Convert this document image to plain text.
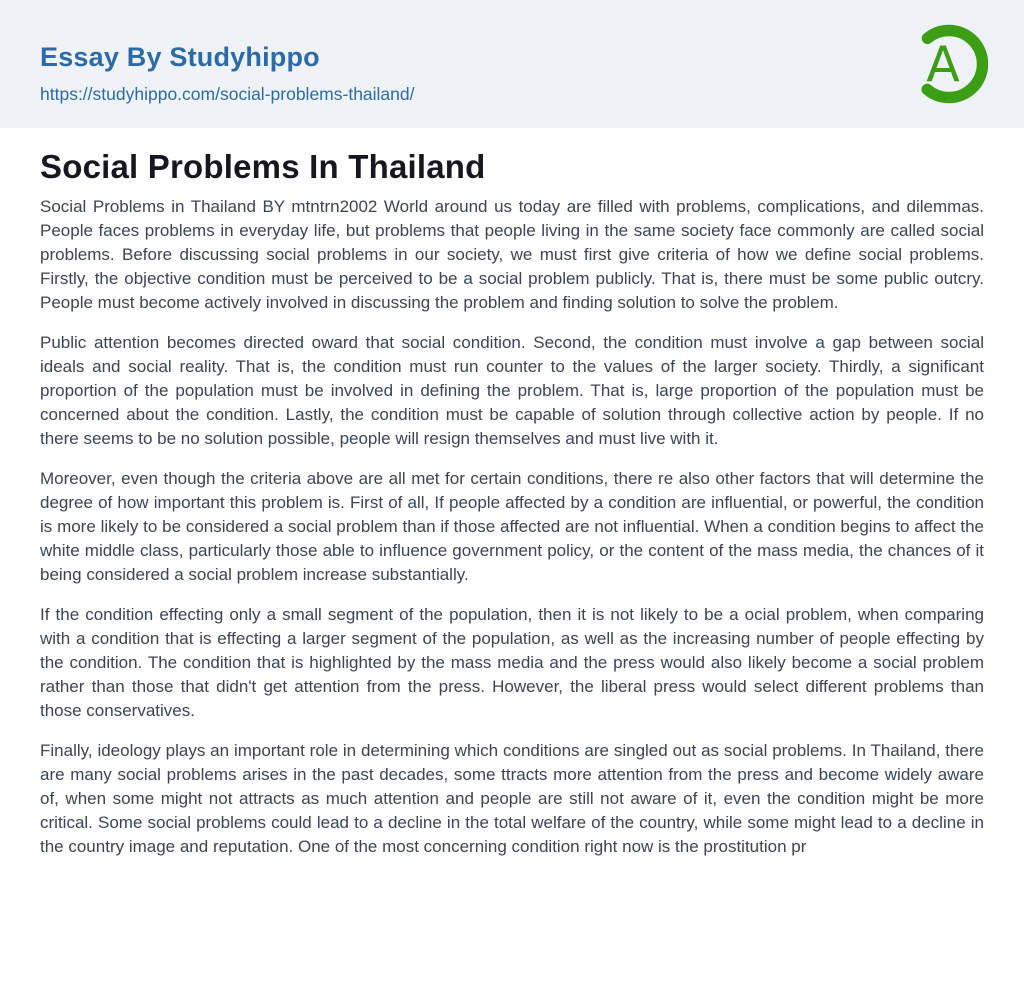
Essay By Studyhippo
https://studyhippo.com/social-problems-thailand/
A
Social Problems In Thailand

Social Problems in Thailand BY mtntrn2002 World around us today are filled with problems, complications, and dilemmas. People faces problems in everyday life, but problems that people living in the same society face commonly are called social problems. Before discussing social problems in our society, we must first give criteria of how we define social problems. Firstly, the objective condition must be perceived to be a social problem publicly. That is, there must be some public outcry. People must become actively involved in discussing the problem and finding solution to solve the problem.

Public attention becomes directed oward that social condition. Second, the condition must involve a gap between social ideals and social reality. That is, the condition must run counter to the values of the larger society. Thirdly, a significant proportion of the population must be involved in defining the problem. That is, large proportion of the population must be concerned about the condition. Lastly, the condition must be capable of solution through collective action by people. If no there seems to be no solution possible, people will resign themselves and must live with it.

Moreover, even though the criteria above are all met for certain conditions, there re also other factors that will determine the degree of how important this problem is. First of all, If people affected by a condition are influential, or powerful, the condition is more likely to be considered a social problem than if those affected are not influential. When a condition begins to affect the white middle class, particularly those able to influence government policy, or the content of the mass media, the chances of it being considered a social problem increase substantially.

If the condition effecting only a small segment of the population, then it is not likely to be a ocial problem, when comparing with a condition that is effecting a larger segment of the population, as well as the increasing number of people effecting by the condition. The condition that is highlighted by the mass media and the press would also likely become a social problem rather than those that didn't get attention from the press. However, the liberal press would select different problems than those conservatives.

Finally, ideology plays an important role in determining which conditions are singled out as social problems. In Thailand, there are many social problems arises in the past decades, some ttracts more attention from the press and become widely aware of, when some might not attracts as much attention and people are still not aware of it, even the condition might be more critical. Some social problems could lead to a decline in the total welfare of the country, while some might lead to a decline in the country image and reputation. One of the most concerning condition right now is the prostitution pr
